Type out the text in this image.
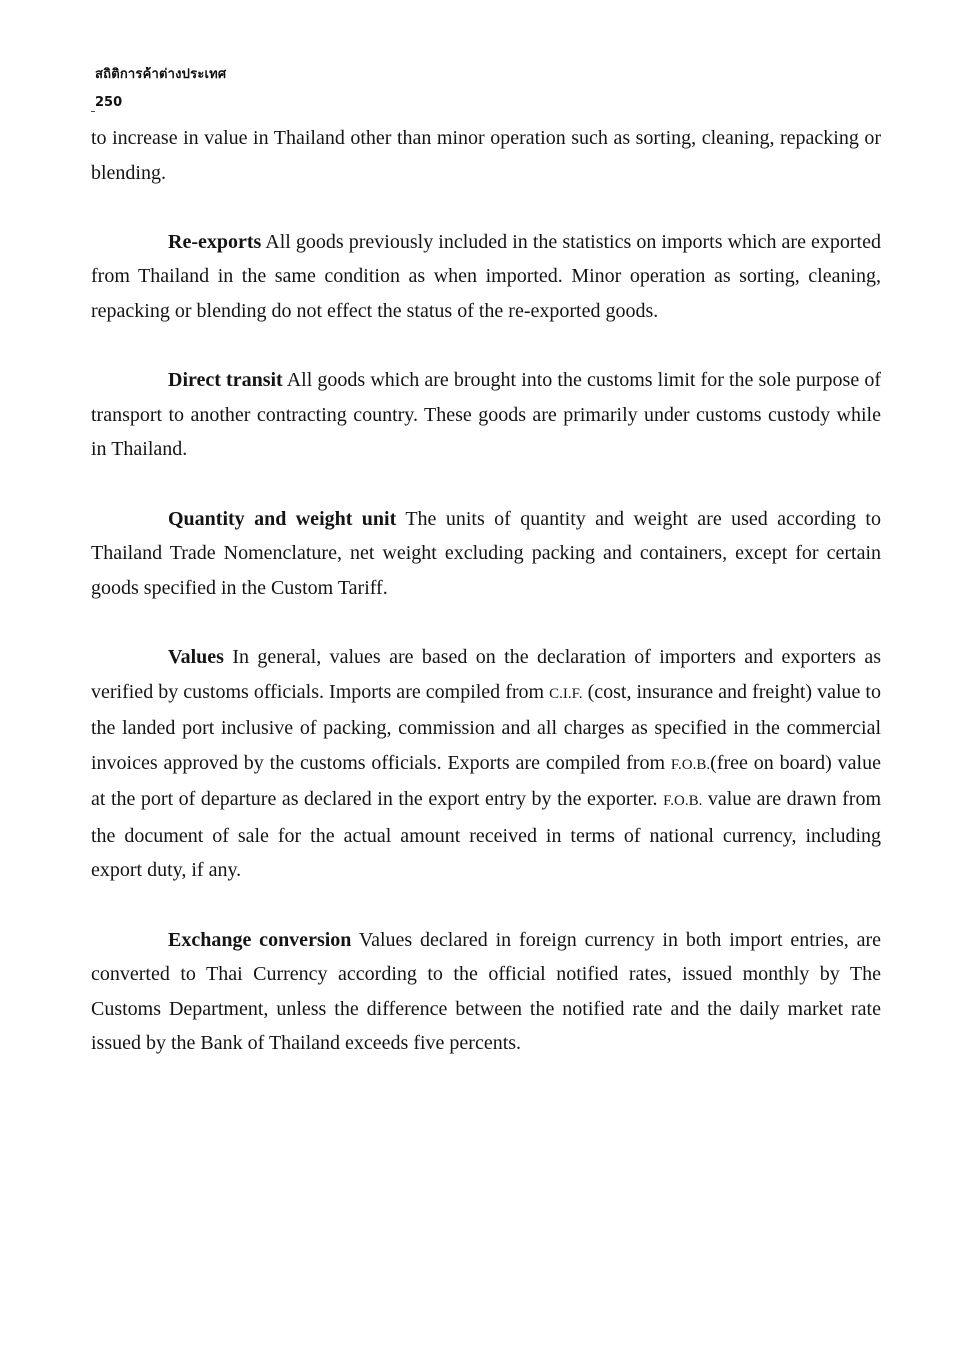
สถิติการค้าต่างประเทศ
250

to increase in value in Thailand other than minor operation such as sorting, cleaning, repacking or blending.

Re-exports All goods previously included in the statistics on imports which are exported from Thailand in the same condition as when imported. Minor operation as sorting, cleaning, repacking or blending do not effect the status of the re-exported goods.

Direct transit All goods which are brought into the customs limit for the sole purpose of transport to another contracting country. These goods are primarily under customs custody while in Thailand.

Quantity and weight unit The units of quantity and weight are used according to Thailand Trade Nomenclature, net weight excluding packing and containers, except for certain goods specified in the Custom Tariff.

Values In general, values are based on the declaration of importers and exporters as verified by customs officials. Imports are compiled from C.I.F. (cost, insurance and freight) value to the landed port inclusive of packing, commission and all charges as specified in the commercial invoices approved by the customs officials. Exports are compiled from F.O.B.(free on board) value at the port of departure as declared in the export entry by the exporter. F.O.B. value are drawn from the document of sale for the actual amount received in terms of national currency, including export duty, if any.

Exchange conversion Values declared in foreign currency in both import entries, are converted to Thai Currency according to the official notified rates, issued monthly by The Customs Department, unless the difference between the notified rate and the daily market rate issued by the Bank of Thailand exceeds five percents.
